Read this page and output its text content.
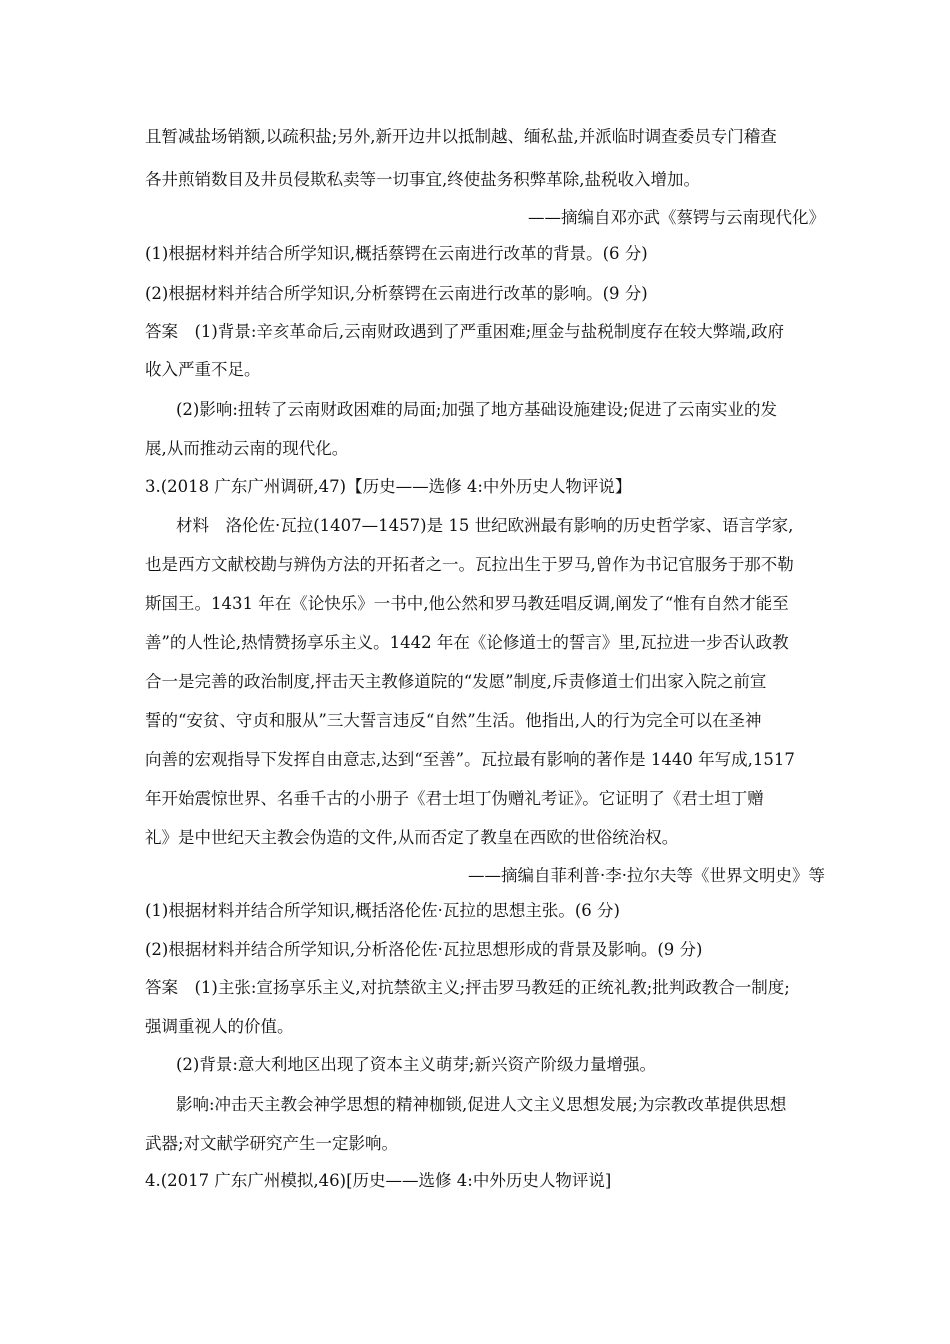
且暂减盐场销额,以疏积盐;另外,新开边井以抵制越、缅私盐,并派临时调查委员专门稽查
各井煎销数目及井员侵欺私卖等一切事宜,终使盐务积弊革除,盐税收入增加。
——摘编自邓亦武《蔡锷与云南现代化》
(1)根据材料并结合所学知识,概括蔡锷在云南进行改革的背景。(6 分)
(2)根据材料并结合所学知识,分析蔡锷在云南进行改革的影响。(9 分)
答案　(1)背景:辛亥革命后,云南财政遇到了严重困难;厘金与盐税制度存在较大弊端,政府
收入严重不足。
(2)影响:扭转了云南财政困难的局面;加强了地方基础设施建设;促进了云南实业的发
展,从而推动云南的现代化。
3.(2018 广东广州调研,47)【历史——选修 4:中外历史人物评说】
材料　洛伦佐·瓦拉(1407—1457)是 15 世纪欧洲最有影响的历史哲学家、语言学家,
也是西方文献校勘与辨伪方法的开拓者之一。瓦拉出生于罗马,曾作为书记官服务于那不勒
斯国王。1431 年在《论快乐》一书中,他公然和罗马教廷唱反调,阐发了“惟有自然才能至
善”的人性论,热情赞扬享乐主义。1442 年在《论修道士的誓言》里,瓦拉进一步否认政教
合一是完善的政治制度,抨击天主教修道院的“发愿”制度,斥责修道士们出家入院之前宣
誓的“安贫、守贞和服从”三大誓言违反“自然”生活。他指出,人的行为完全可以在圣神
向善的宏观指导下发挥自由意志,达到“至善”。瓦拉最有影响的著作是 1440 年写成,1517
年开始震惊世界、名垂千古的小册子《君士坦丁伪赠礼考证》。它证明了《君士坦丁赠
礼》是中世纪天主教会伪造的文件,从而否定了教皇在西欧的世俗统治权。
——摘编自菲利普·李·拉尔夫等《世界文明史》等
(1)根据材料并结合所学知识,概括洛伦佐·瓦拉的思想主张。(6 分)
(2)根据材料并结合所学知识,分析洛伦佐·瓦拉思想形成的背景及影响。(9 分)
答案　(1)主张:宣扬享乐主义,对抗禁欲主义;抨击罗马教廷的正统礼教;批判政教合一制度;
强调重视人的价值。
(2)背景:意大利地区出现了资本主义萌芽;新兴资产阶级力量增强。
影响:冲击天主教会神学思想的精神枷锁,促进人文主义思想发展;为宗教改革提供思想
武器;对文献学研究产生一定影响。
4.(2017 广东广州模拟,46)[历史——选修 4:中外历史人物评说]
